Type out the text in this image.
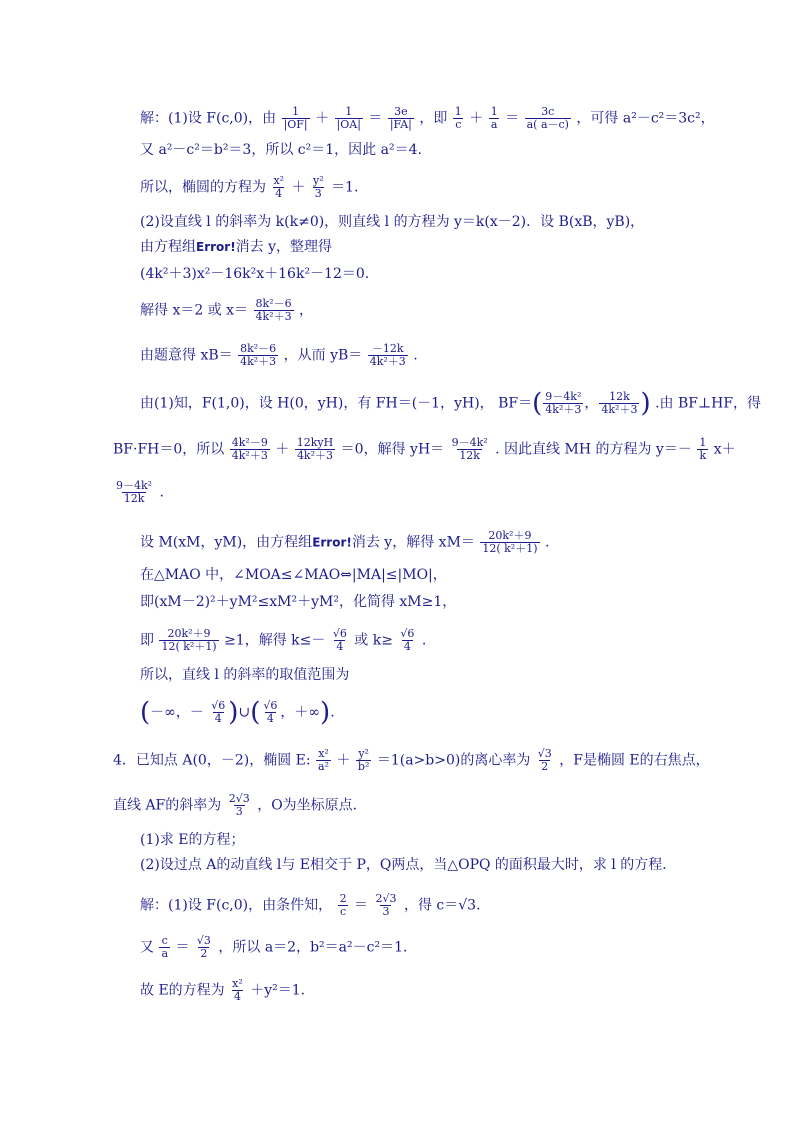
解：(1)设 F(c,0)，由 $\frac{1}{|OF|} + \frac{1}{|OA|} = \frac{3e}{|FA|}$ ，即 $\frac{1}{c} + \frac{1}{a} = \frac{3c}{a( a-c)}$ ，可得 a²－c²＝3c²，
又 a²－c²＝b²＝3，所以 c²＝1，因此 a²＝4.
所以，椭圆的方程为 $\frac{\text{x²}}{4} + \frac{\text{y²}}{3} =1$.
(2)设直线 l 的斜率为 k(k≠0)，则直线 l 的方程为 y＝k(x－2)．设 B(xB，yB)，
由方程组Error!消去 y，整理得
(4k²＋3)x²－16k²x＋16k²－12＝0.
解得 x＝2 或 $x= \frac{\text{8k²－6}}{\text{4k²＋3}}$ ，
由题意得 $xB= \frac{\text{8k²－6}}{\text{4k²＋3}}$ ，从而 $yB= \frac{-12k}{\text{4k²＋3}}$ .
由(1)知，F(1,0)，设 H(0，yH)，有 FH＝(－1，yH)， $BF=( \frac{\text{9－4k²}}{\text{4k²＋3}}$ ， $\frac{12k}{\text{4k²＋3}}$ ) .由 BF⊥HF，得
BF·FH＝0，所以 $\frac{\text{4k²－9}}{\text{4k²＋3}} + \frac{\text{12kyH}}{\text{4k²＋3}} =0$，解得 $yH= \frac{\text{9－4k²}}{12k}$ . 因此直线 MH 的方程为 $y=- \frac{1}{k} x+$
$\frac{\text{9－4k²}}{12k}$ .
设 M(xM，yM)，由方程组Error!消去 y，解得 $xM= \frac{\text{20k²＋9}}{\text{12( k²＋1)}}$ .
在△MAO 中，∠MOA≤∠MAO⇔|MA|≤|MO|，
即(xM－2)²＋yM²≤xM²＋yM²，化简得 xM≥1，
即 $\frac{\text{20k²＋9}}{\text{12( k²＋1)}} \ge 1$，解得 $k\le- \frac{√6}{4}$ 或 $k\ge \frac{√6}{4}$ .
所以，直线 l 的斜率的取值范围为
(－∞，－ $\frac{√6}{4}$ )∪( $\frac{√6}{4}$ ，＋∞).
4．已知点 A(0，－2)，椭圆 E: $\frac{\text{x²}}{\text{a²}} + \frac{\text{y²}}{\text{b²}} =1(a>b>0)$的离心率为 $\frac{√3}{2}$ ，F是椭圆 E的右焦点，
直线 AF的斜率为 $\frac{2√3}{3}$ ，O为坐标原点．
(1)求 E的方程；
(2)设过点 A的动直线 l与 E相交于 P，Q两点，当△OPQ 的面积最大时，求 l 的方程．
解：(1)设 F(c,0)，由条件知， $\frac{2}{c} = \frac{2√3}{3}$ ，得 c＝√3.
又 $\frac{c}{a} = \frac{√3}{2}$ ，所以 a＝2，b²＝a²－c²＝1.
故 E的方程为 $\frac{\text{x²}}{4} +y^2=1$.
